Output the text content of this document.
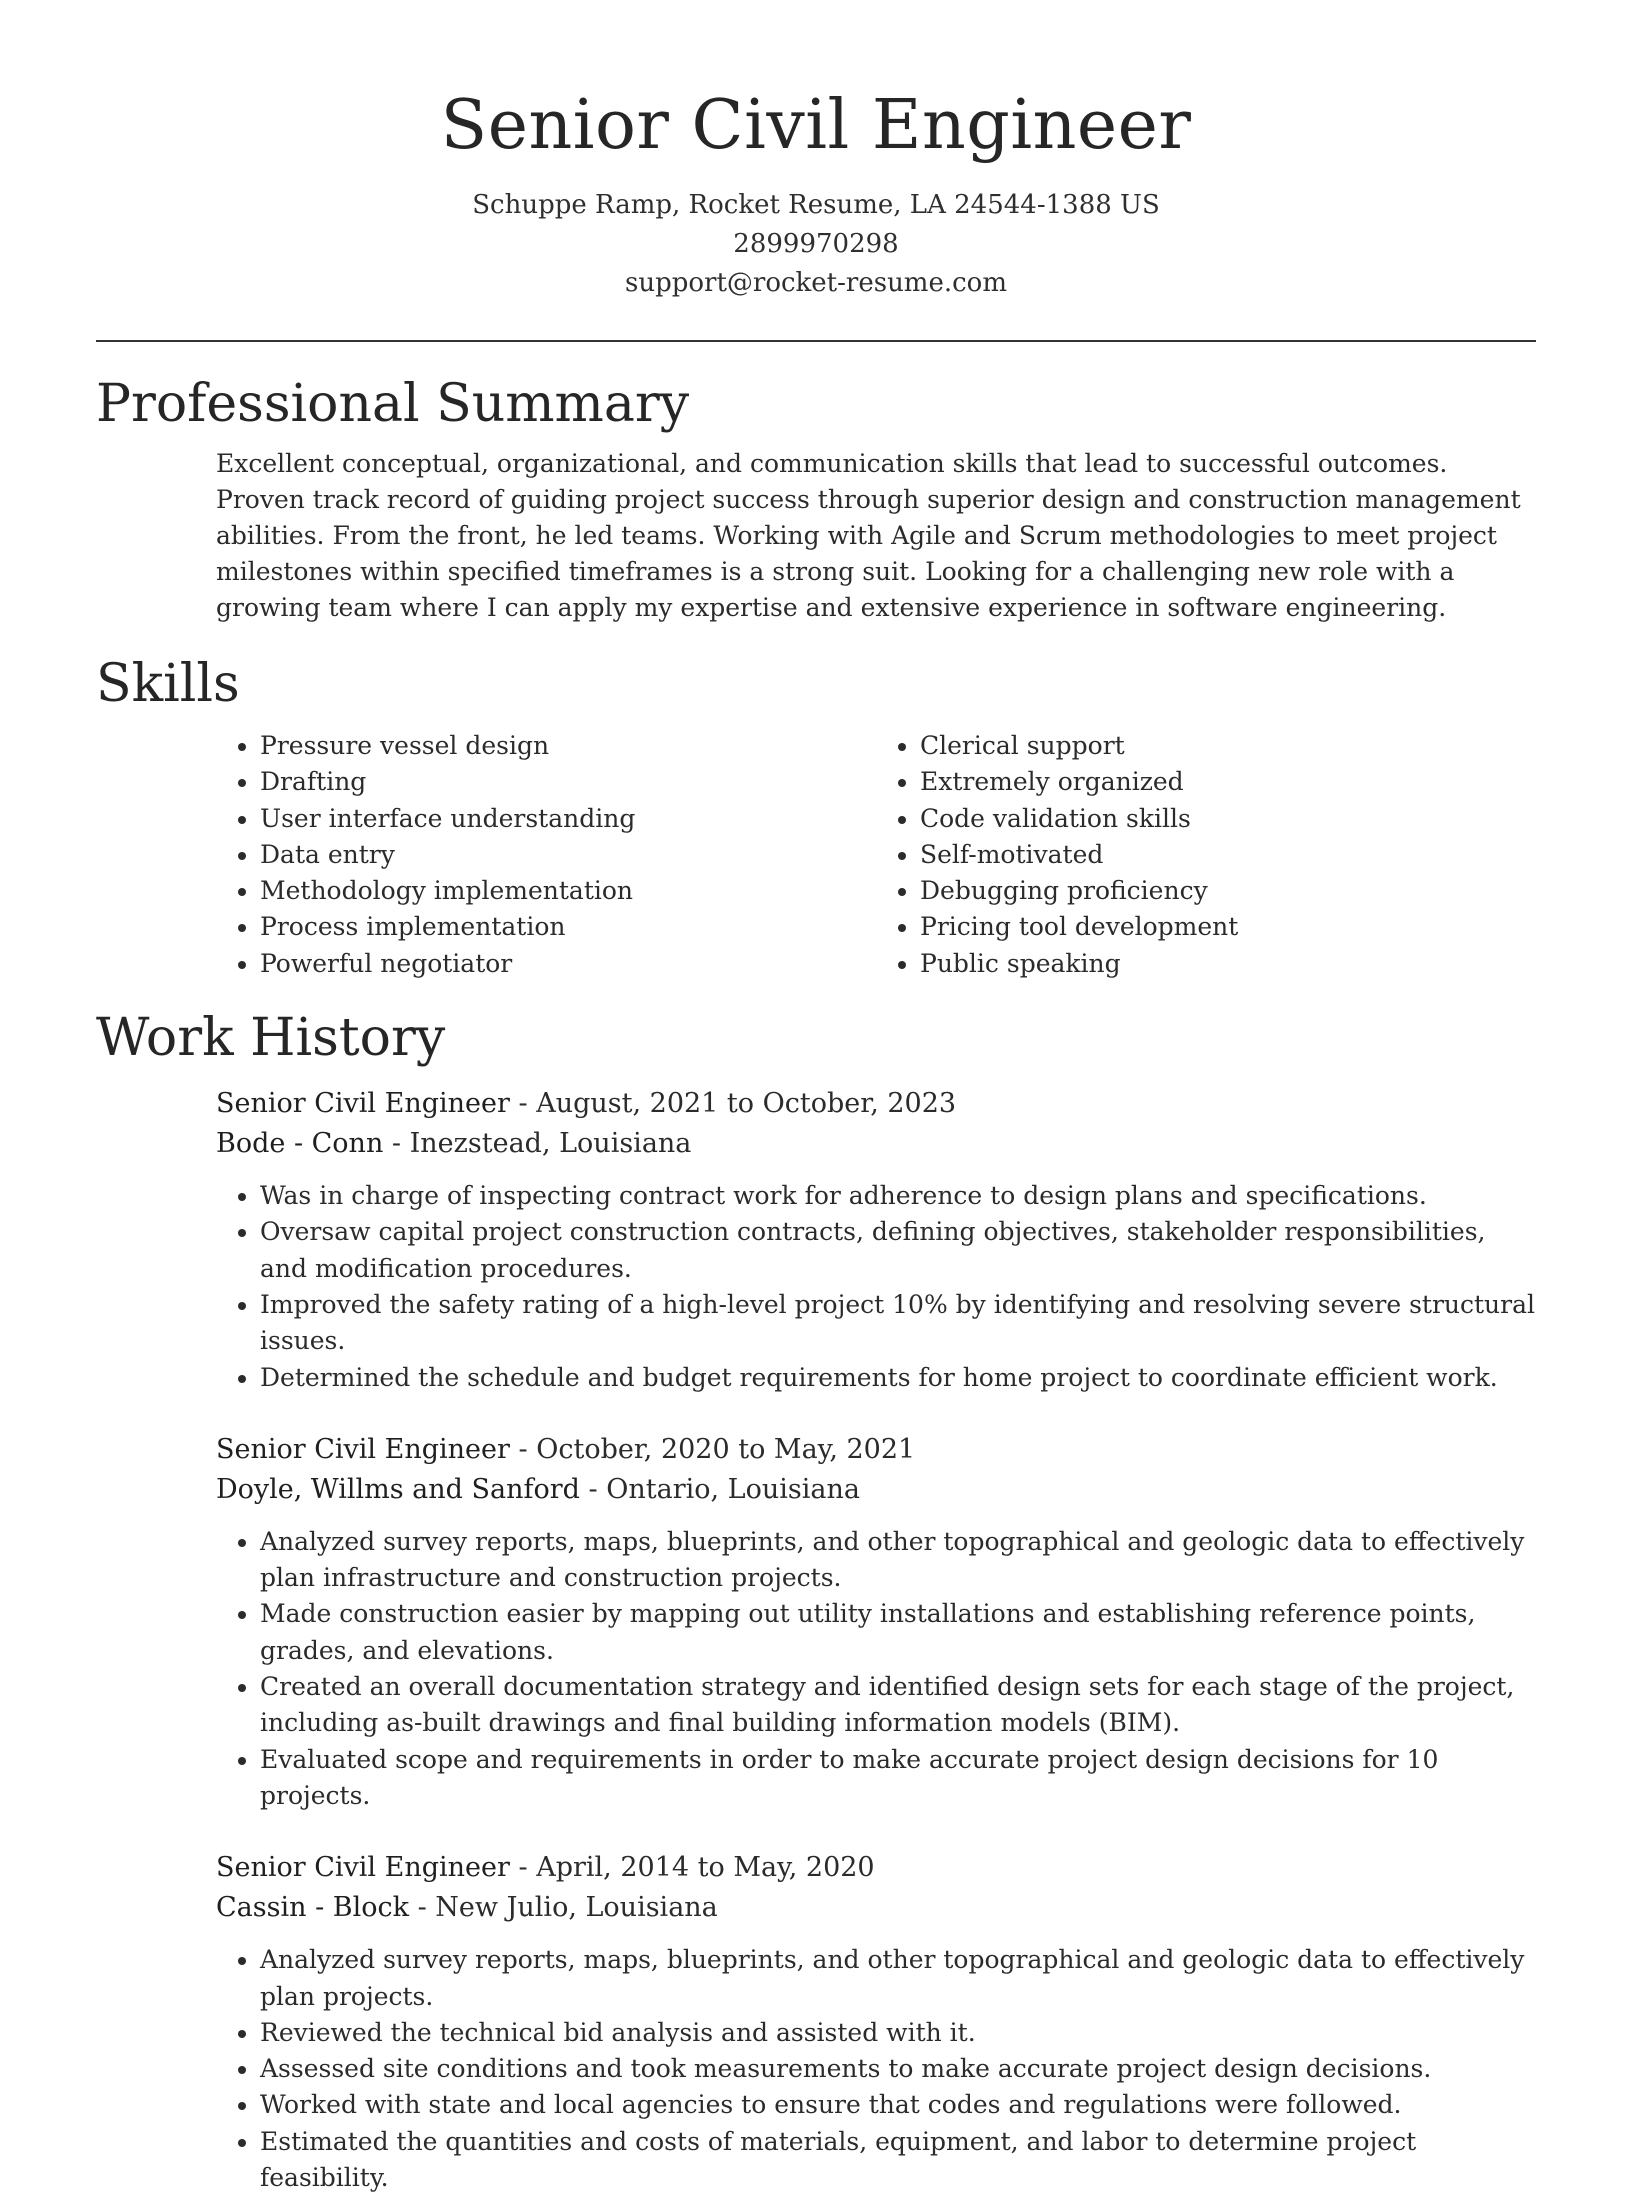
Senior Civil Engineer
Schuppe Ramp, Rocket Resume, LA 24544-1388 US
2899970298
support@rocket-resume.com
Professional Summary

Excellent conceptual, organizational, and communication skills that lead to successful outcomes. Proven track record of guiding project success through superior design and construction management abilities. From the front, he led teams. Working with Agile and Scrum methodologies to meet project milestones within specified timeframes is a strong suit. Looking for a challenging new role with a growing team where I can apply my expertise and extensive experience in software engineering.

Skills
• Pressure vessel design
• Drafting
• User interface understanding
• Data entry
• Methodology implementation
• Process implementation
• Powerful negotiator
• Clerical support
• Extremely organized
• Code validation skills
• Self-motivated
• Debugging proficiency
• Pricing tool development
• Public speaking
Work History

Senior Civil Engineer - August, 2021 to October, 2023

Bode - Conn - Inezstead, Louisiana

• Was in charge of inspecting contract work for adherence to design plans and specifications.
• Oversaw capital project construction contracts, defining objectives, stakeholder responsibilities, and modification procedures.
• Improved the safety rating of a high-level project 10% by identifying and resolving severe structural issues.
• Determined the schedule and budget requirements for home project to coordinate efficient work.

Senior Civil Engineer - October, 2020 to May, 2021

Doyle, Willms and Sanford - Ontario, Louisiana

• Analyzed survey reports, maps, blueprints, and other topographical and geologic data to effectively plan infrastructure and construction projects.
• Made construction easier by mapping out utility installations and establishing reference points, grades, and elevations.
• Created an overall documentation strategy and identified design sets for each stage of the project, including as-built drawings and final building information models (BIM).
• Evaluated scope and requirements in order to make accurate project design decisions for 10 projects.

Senior Civil Engineer - April, 2014 to May, 2020

Cassin - Block - New Julio, Louisiana

• Analyzed survey reports, maps, blueprints, and other topographical and geologic data to effectively plan projects.
• Reviewed the technical bid analysis and assisted with it.
• Assessed site conditions and took measurements to make accurate project design decisions.
• Worked with state and local agencies to ensure that codes and regulations were followed.
• Estimated the quantities and costs of materials, equipment, and labor to determine project feasibility.
